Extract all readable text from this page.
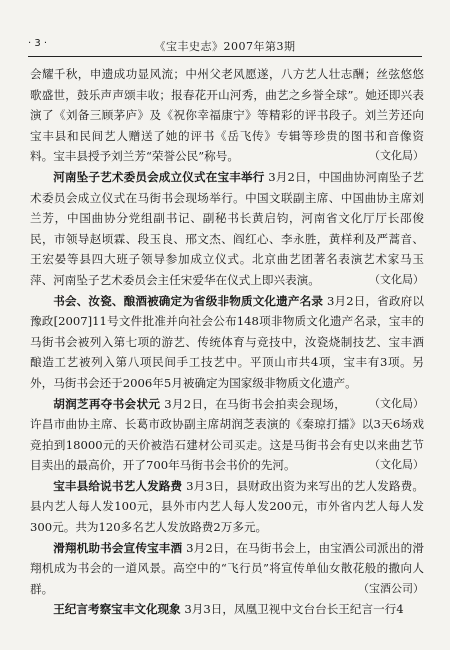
· 3 ·	《宝丰史志》2007年第3期

会耀千秋，申遗成功显风流；中州父老风愿遂，八方艺人壮志酬；丝弦悠悠歌盛世，鼓乐声声颂丰收；报春花开山河秀，曲艺之乡誉全球”。她还即兴表演了《刘备三顾茅庐》及《祝你幸福康宁》等精彩的评书段子。刘兰芳还向宝丰县和民间艺人赠送了她的评书《岳飞传》专辑等珍贵的图书和音像资料。宝丰县授予刘兰芳“荣誉公民”称号。	（文化局）

河南坠子艺术委员会成立仪式在宝丰举行 3月2日，中国曲协河南坠子艺术委员会成立仪式在马街书会现场举行。中国文联副主席、中国曲协主席刘兰芳，中国曲协分党组副书记、副秘书长黄启钧，河南省文化厅厅长邵俊民，市领导赵顷霖、段玉良、邢文杰、阎红心、李永胜，黄样利及严蒿音、王宏晏等县四大班子领导参加成立仪式。北京曲艺团著名表演艺术家马玉萍、河南坠子艺术委员会主任宋爱华在仪式上即兴表演。	（文化局）

书会、汝瓷、酿酒被确定为省级非物质文化遗产名录 3月2日，省政府以豫政[2007]11号文件批准并向社会公布148项非物质文化遗产名录，宝丰的马街书会被列入第七项的游艺、传统体育与竞技中，汝瓷烧制技艺、宝丰酒酿造工艺被列入第八项民间手工技艺中。平顶山市共4项，宝丰有3项。另外，马街书会还于2006年5月被确定为国家级非物质文化遗产。
（文化局）

胡润芝再夺书会状元 3月2日，在马街书会拍卖会现场，许昌市曲协主席、长葛市政协副主席胡润芝表演的《秦琼打擂》以3天6场戏竞拍到18000元的天价被浩石建材公司买走。这是马街书会有史以来曲艺节目卖出的最高价，开了700年马街书会书价的先河。	（文化局）

宝丰县给说书艺人发路费 3月3日，县财政出资为来写出的艺人发路费。县内艺人每人发100元，县外市内艺人每人发200元，市外省内艺人每人发300元。共为120多名艺人发放路费2万多元。

滑翔机助书会宣传宝丰酒 3月2日，在马街书会上，由宝酒公司派出的滑翔机成为书会的一道风景。高空中的“飞行员”将宣传单仙女散花般的撒向人群。	（宝酒公司）

王纪言考察宝丰文化现象 3月3日，凤凰卫视中文台台长王纪言一行4
